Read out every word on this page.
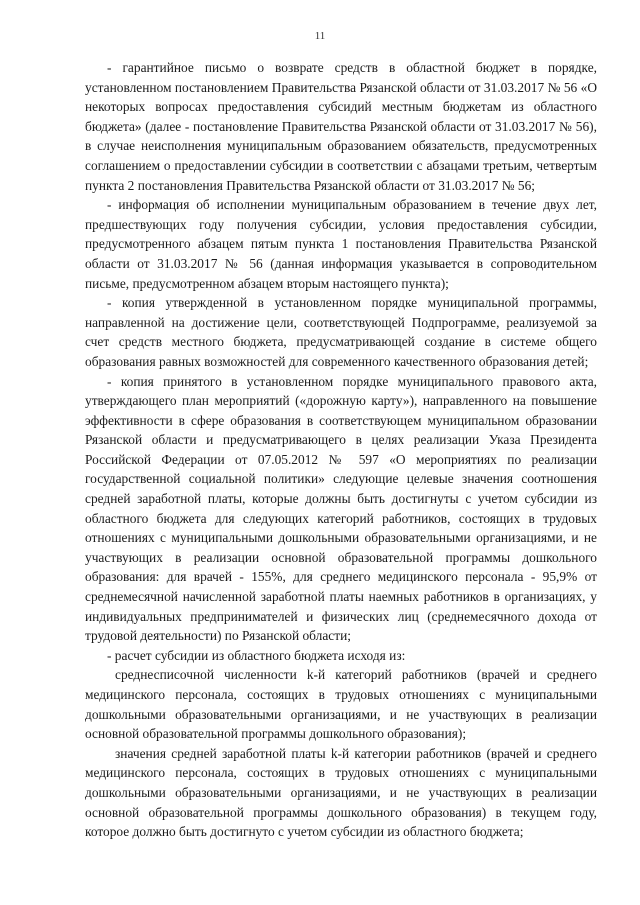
11

- гарантийное письмо о возврате средств в областной бюджет в порядке, установленном постановлением Правительства Рязанской области от 31.03.2017 № 56 «О некоторых вопросах предоставления субсидий местным бюджетам из областного бюджета» (далее - постановление Правительства Рязанской области от 31.03.2017 № 56), в случае неисполнения муниципальным образованием обязательств, предусмотренных соглашением о предоставлении субсидии в соответствии с абзацами третьим, четвертым пункта 2 постановления Правительства Рязанской области от 31.03.2017 № 56;

- информация об исполнении муниципальным образованием в течение двух лет, предшествующих году получения субсидии, условия предоставления субсидии, предусмотренного абзацем пятым пункта 1 постановления Правительства Рязанской области от 31.03.2017 № 56 (данная информация указывается в сопроводительном письме, предусмотренном абзацем вторым настоящего пункта);

- копия утвержденной в установленном порядке муниципальной программы, направленной на достижение цели, соответствующей Подпрограмме, реализуемой за счет средств местного бюджета, предусматривающей создание в системе общего образования равных возможностей для современного качественного образования детей;

- копия принятого в установленном порядке муниципального правового акта, утверждающего план мероприятий («дорожную карту»), направленного на повышение эффективности в сфере образования в соответствующем муниципальном образовании Рязанской области и предусматривающего в целях реализации Указа Президента Российской Федерации от 07.05.2012 № 597 «О мероприятиях по реализации государственной социальной политики» следующие целевые значения соотношения средней заработной платы, которые должны быть достигнуты с учетом субсидии из областного бюджета для следующих категорий работников, состоящих в трудовых отношениях с муниципальными дошкольными образовательными организациями, и не участвующих в реализации основной образовательной программы дошкольного образования: для врачей - 155%, для среднего медицинского персонала - 95,9% от среднемесячной начисленной заработной платы наемных работников в организациях, у индивидуальных предпринимателей и физических лиц (среднемесячного дохода от трудовой деятельности) по Рязанской области;

- расчет субсидии из областного бюджета исходя из:

среднесписочной численности k-й категорий работников (врачей и среднего медицинского персонала, состоящих в трудовых отношениях с муниципальными дошкольными образовательными организациями, и не участвующих в реализации основной образовательной программы дошкольного образования);

значения средней заработной платы k-й категории работников (врачей и среднего медицинского персонала, состоящих в трудовых отношениях с муниципальными дошкольными образовательными организациями, и не участвующих в реализации основной образовательной программы дошкольного образования) в текущем году, которое должно быть достигнуто с учетом субсидии из областного бюджета;
